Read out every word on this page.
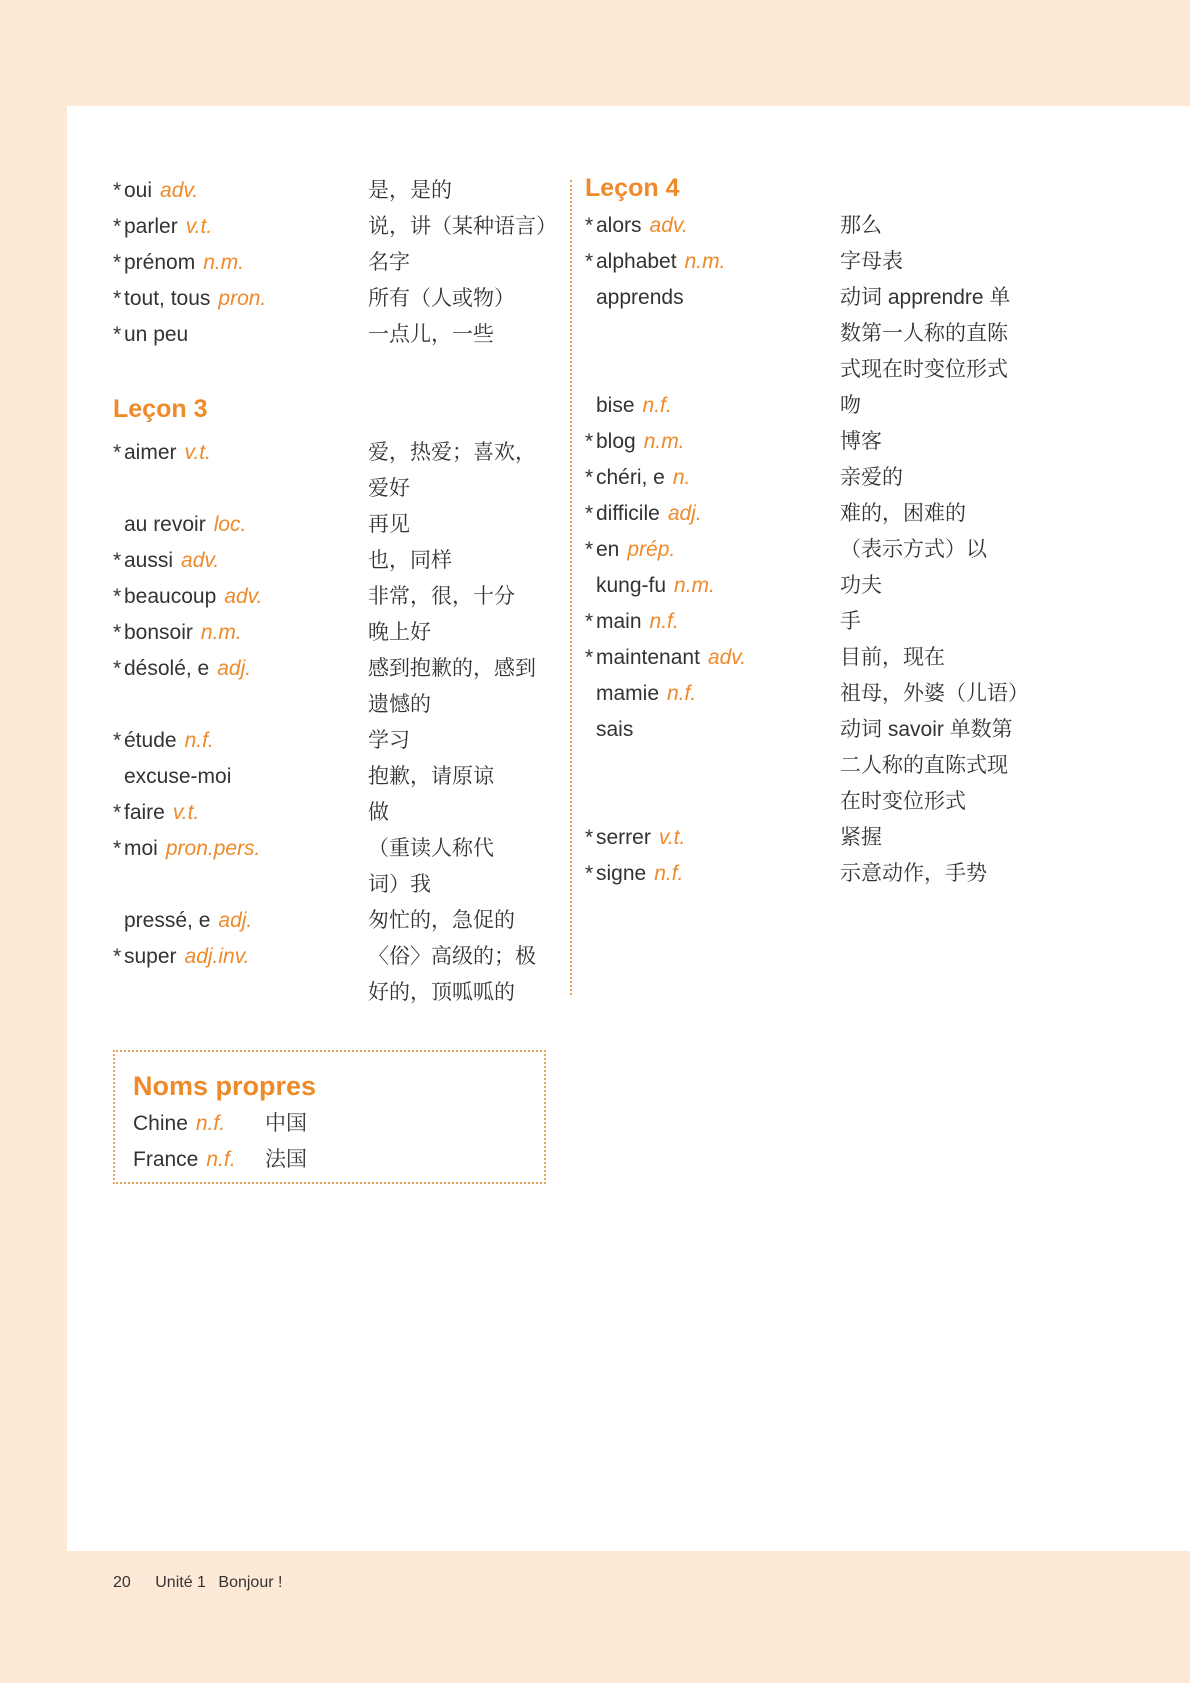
* oui adv.	是，是的
* parler v.t.	说，讲（某种语言）
* prénom n.m.	名字
* tout, tous pron.	所有（人或物）
* un peu	一点儿，一些
Leçon 3
* aimer v.t.	爱，热爱；喜欢，
爱好
au revoir loc.	再见
* aussi adv.	也，同样
* beaucoup adv.	非常，很，十分
* bonsoir n.m.	晚上好
* désolé, e adj.	感到抱歉的，感到
遗憾的
* étude n.f.	学习
excuse-moi	抱歉，请原谅
* faire v.t.	做
* moi pron.pers.	（重读人称代
词）我
pressé, e adj.	匆忙的，急促的
* super adj.inv.	〈俗〉高级的；极
好的，顶呱呱的
Leçon 4
* alors adv.	那么
* alphabet n.m.	字母表
apprends	动词 apprendre 单
数第一人称的直陈
式现在时变位形式
bise n.f.	吻
* blog n.m.	博客
* chéri, e n.	亲爱的
* difficile adj.	难的，困难的
* en prép.	（表示方式）以
kung-fu n.m.	功夫
* main n.f.	手
* maintenant adv.	目前，现在
mamie n.f.	祖母，外婆（儿语）
sais	动词 savoir 单数第
二人称的直陈式现
在时变位形式
* serrer v.t.	紧握
* signe n.f.	示意动作，手势
Noms propres
Chine n.f.	中国
France n.f.	法国
20 Unité 1 Bonjour !
